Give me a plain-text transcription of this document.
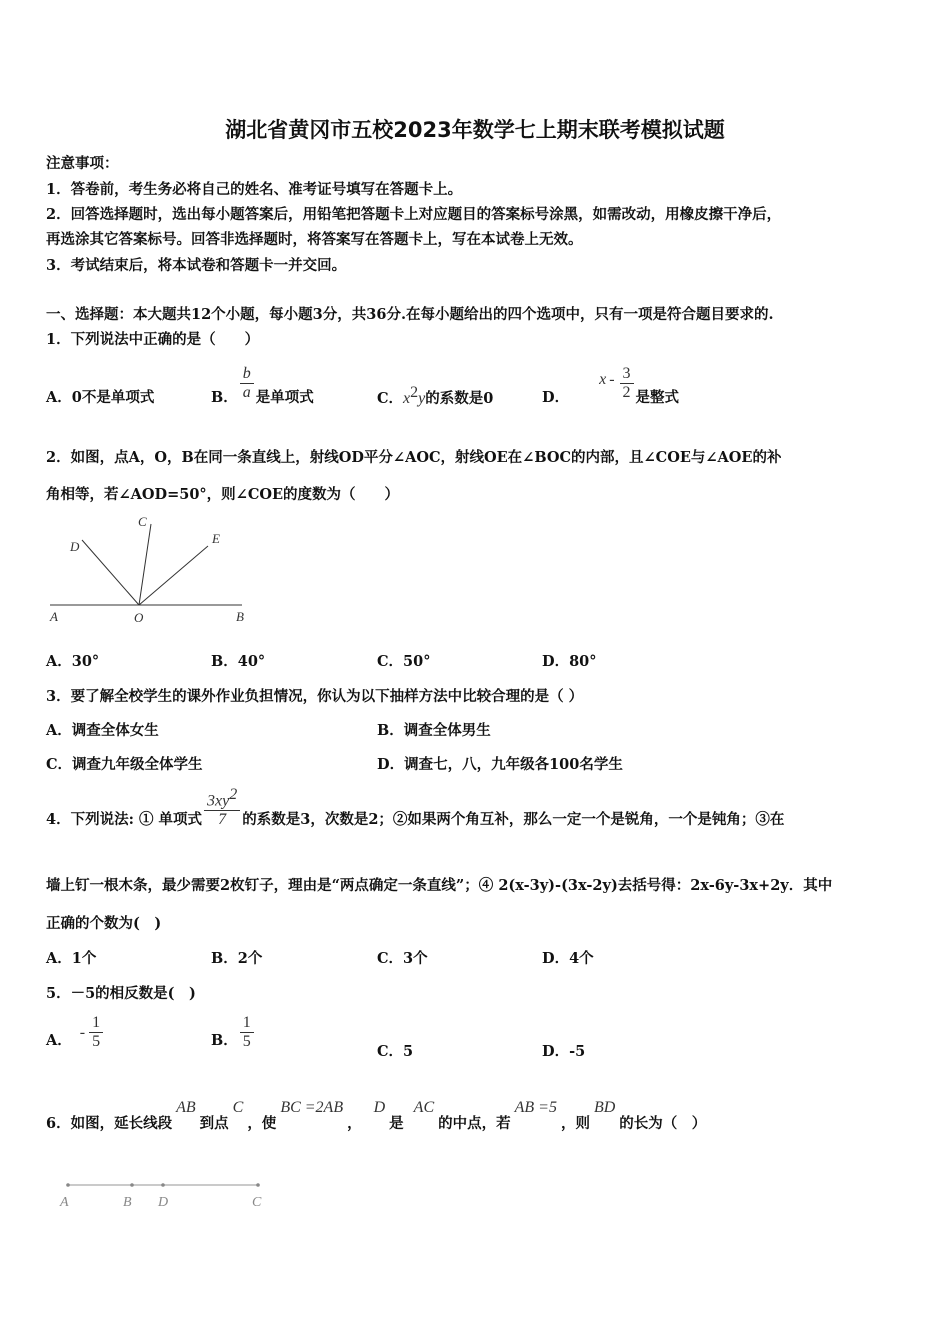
湖北省黄冈市五校2023年数学七上期末联考模拟试题
注意事项：
1．答卷前，考生务必将自己的姓名、准考证号填写在答题卡上。
2．回答选择题时，选出每小题答案后，用铅笔把答题卡上对应题目的答案标号涂黑，如需改动，用橡皮擦干净后，
再选涂其它答案标号。回答非选择题时，将答案写在答题卡上，写在本试卷上无效。
3．考试结束后，将本试卷和答题卡一并交回。
一、选择题：本大题共12个小题，每小题3分，共36分.在每小题给出的四个选项中，只有一项是符合题目要求的.
1．下列说法中正确的是（　　）
A．0不是单项式	B． $\frac{b}{a}$ 是单项式	C．$x^2y$的系数是0	D．x - $\frac{3}{2}$ 是整式
2．如图，点A，O，B在同一条直线上，射线OD平分∠AOC，射线OE在∠BOC的内部，且∠COE与∠AOE的补
角相等，若∠AOD=50°，则∠COE的度数为（　　）
A	O	B
C
D
E
A．30°	B．40°	C．50°	D．80°
3．要了解全校学生的课外作业负担情况，你认为以下抽样方法中比较合理的是（ ）
A．调查全体女生	B．调查全体男生
C．调查九年级全体学生	D．调查七，八，九年级各100名学生
4．下列说法: ① 单项式 $\frac{3xy^2}{7}$ 的系数是3，次数是2；②如果两个角互补，那么一定一个是锐角，一个是钝角；③在
墙上钉一根木条，最少需要2枚钉子，理由是“两点确定一条直线”；④ 2(x-3y)-(3x-2y)去括号得：2x-6y-3x+2y．其中
正确的个数为(　)
A．1个	B．2个	C．3个	D．4个
5．－5的相反数是(　)
A． - $\frac{1}{5}$	B． $\frac{1}{5}$
C．5	D．-5
6．如图，延长线段AB到点C，使BC =2AB，D是AC的中点，若AB =5，则BD的长为（　）
A	B D	C
